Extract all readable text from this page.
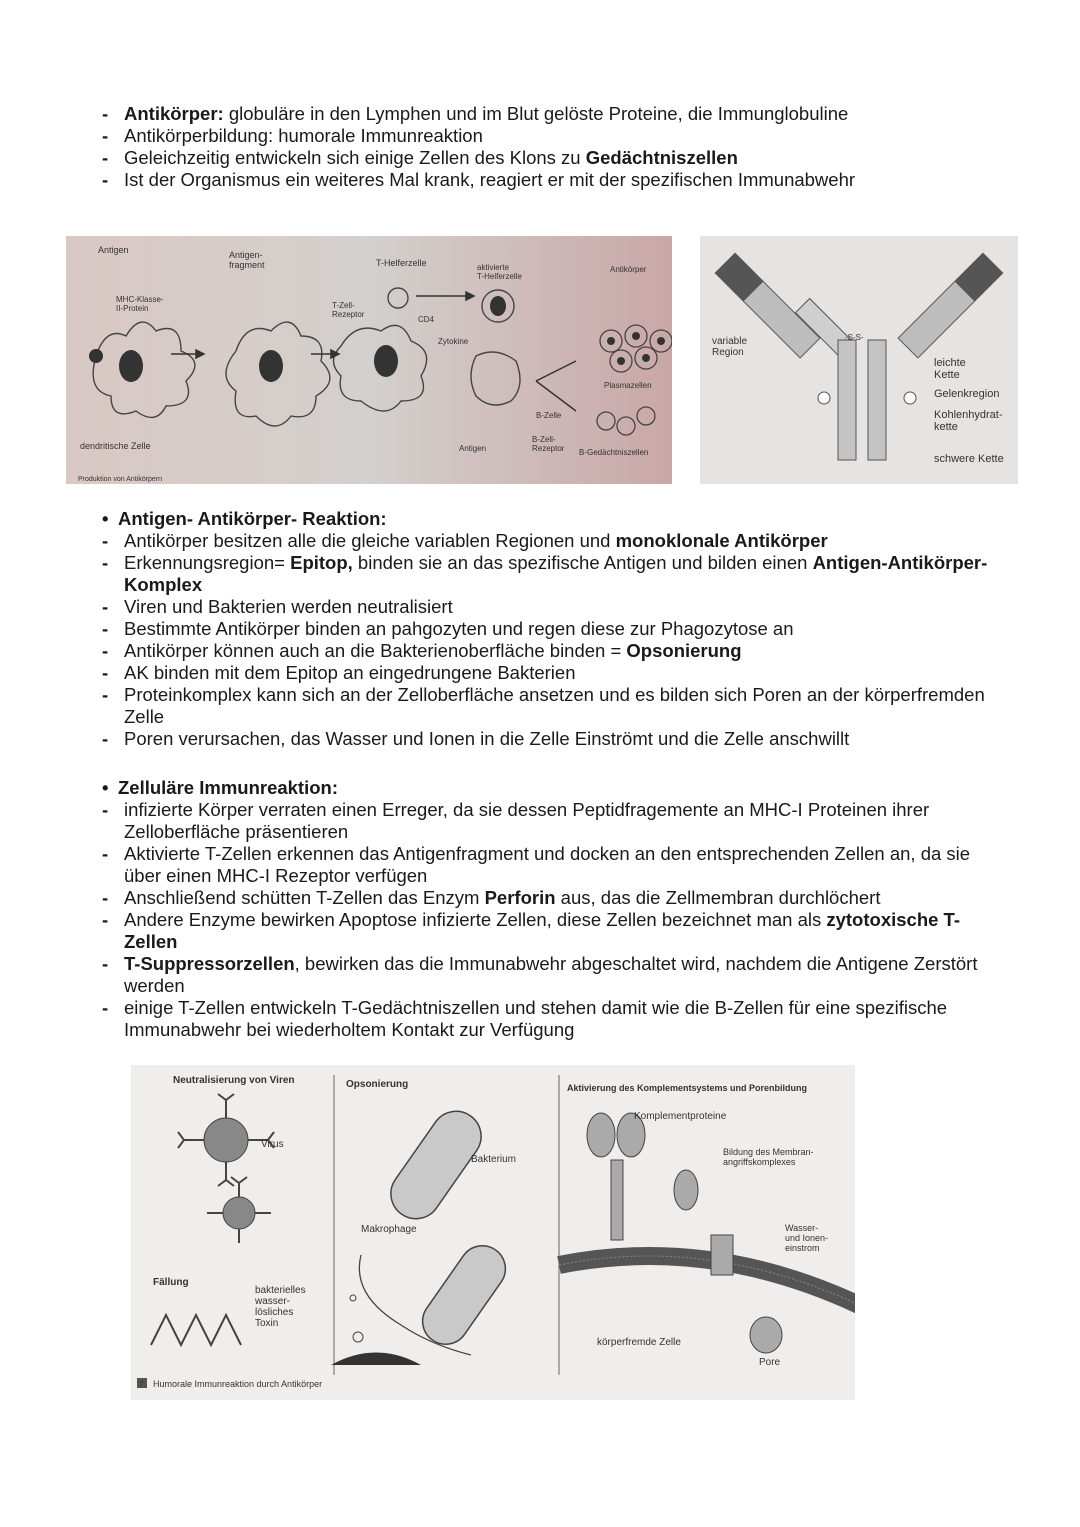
- Antikörper: globuläre in den Lymphen und im Blut gelöste Proteine, die Immunglobuline
- Antikörperbildung: humorale Immunreaktion
- Geleichzeitig entwickeln sich einige Zellen des Klons zu Gedächtniszellen
- Ist der Organismus ein weiteres Mal krank, reagiert er mit der spezifischen Immunabwehr
Antigen	Antigen-fragment	T-Helferzelle	aktivierte T-Helferzelle
Antikörper
MHC-Klasse-II-Protein	T-Zell-Rezeptor
CD4
Zytokine
Plasmazellen
B-Zelle
B-Zell-Rezeptor B-Gedächtniszellen
Antigen
dendritische Zelle
Produktion von Antikörpern
-S-S-
variable Region
leichte Kette
Gelenkregion
Kohlenhydrat-kette
schwere Kette
• Antigen- Antikörper- Reaktion:
- Antikörper besitzen alle die gleiche variablen Regionen und monoklonale Antikörper
- Erkennungsregion= Epitop, binden sie an das spezifische Antigen und bilden einen Antigen-Antikörper- Komplex
- Viren und Bakterien werden neutralisiert
- Bestimmte Antikörper binden an pahgozyten und regen diese zur Phagozytose an
- Antikörper können auch an die Bakterienoberfläche binden = Opsonierung
- AK binden mit dem Epitop an eingedrungene Bakterien
- Proteinkomplex kann sich an der Zelloberfläche ansetzen und es bilden sich Poren an der körperfremden Zelle
- Poren verursachen, das Wasser und Ionen in die Zelle Einströmt und die Zelle anschwillt
• Zelluläre Immunreaktion:
- infizierte Körper verraten einen Erreger, da sie dessen Peptidfragemente an MHC-I Proteinen ihrer Zelloberfläche präsentieren
- Aktivierte T-Zellen erkennen das Antigenfragment und docken an den entsprechenden Zellen an, da sie über einen MHC-I Rezeptor verfügen
- Anschließend schütten T-Zellen das Enzym Perforin aus, das die Zellmembran durchlöchert
- Andere Enzyme bewirken Apoptose infizierte Zellen, diese Zellen bezeichnet man als zytotoxische T-Zellen
- T-Suppressorzellen, bewirken das die Immunabwehr abgeschaltet wird, nachdem die Antigene Zerstört werden
- einige T-Zellen entwickeln T-Gedächtniszellen und stehen damit wie die B-Zellen für eine spezifische Immunabwehr bei wiederholtem Kontakt zur Verfügung
Neutralisierung von Viren
Virus
Opsonierung
Bakterium
Makrophage
Fällung
bakterielles wasser-lösliches Toxin
Aktivierung des Komplementsystems und Porenbildung
Komplementproteine
Bildung des Membran-angriffskomplexes
Wasser-und Ionen-einstrom
körperfremde Zelle
Pore
7 Humorale Immunreaktion durch Antikörper
